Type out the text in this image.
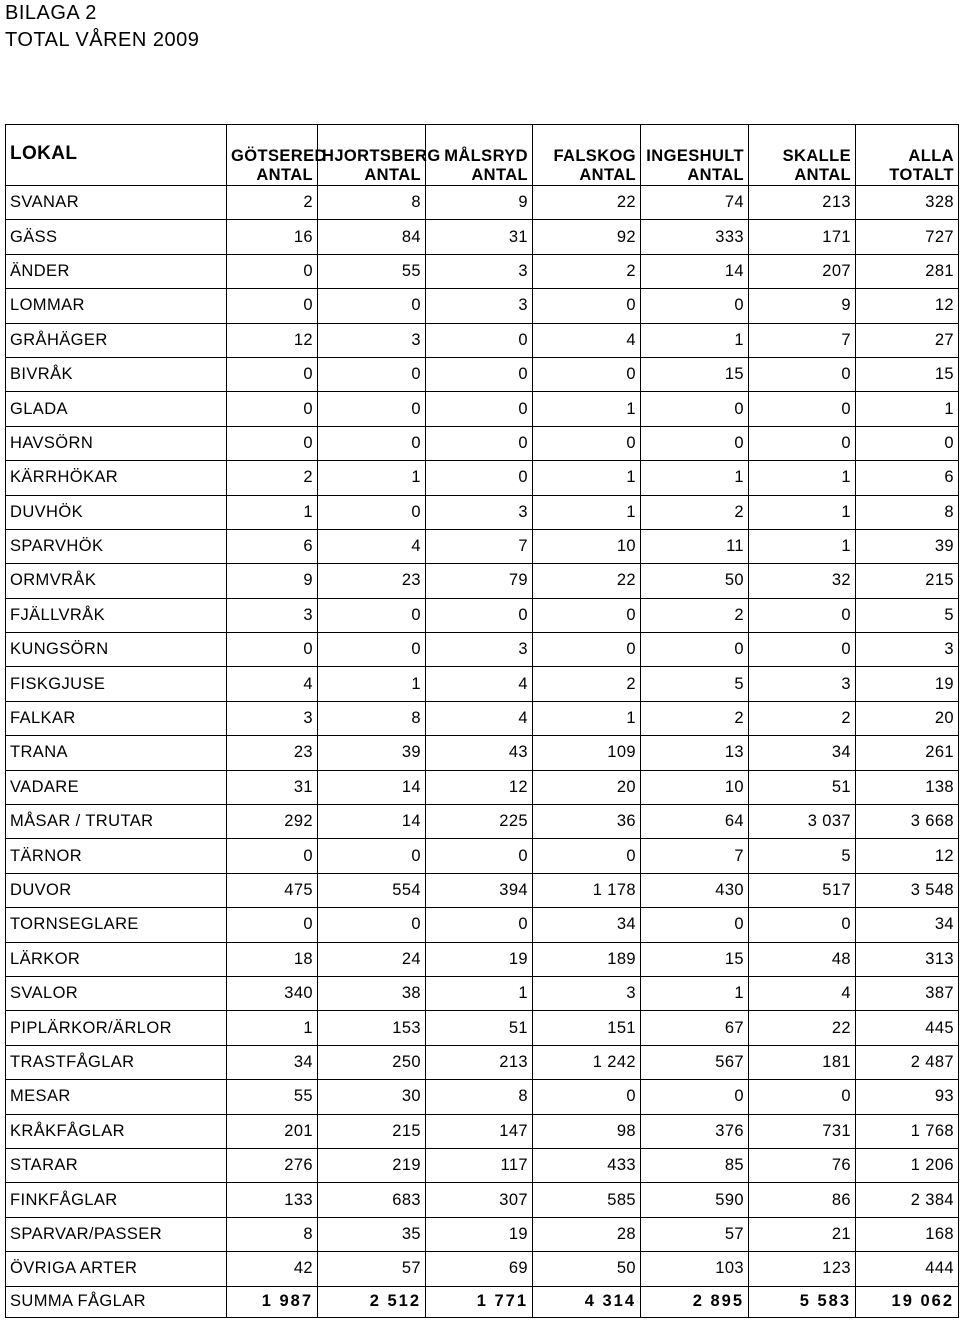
BILAGA 2
TOTAL VÅREN 2009
LOKAL	GÖTSERED	HJORTSBERG	MÅLSRYD	FALSKOG	INGESHULT	SKALLE	ALLA
	ANTAL	ANTAL	ANTAL	ANTAL	ANTAL	ANTAL	TOTALT
SVANAR	2	8	9	22	74	213	328
GÄSS	16	84	31	92	333	171	727
ÄNDER	0	55	3	2	14	207	281
LOMMAR	0	0	3	0	0	9	12
GRÅHÄGER	12	3	0	4	1	7	27
BIVRÅK	0	0	0	0	15	0	15
GLADA	0	0	0	1	0	0	1
HAVSÖRN	0	0	0	0	0	0	0
KÄRRHÖKAR	2	1	0	1	1	1	6
DUVHÖK	1	0	3	1	2	1	8
SPARVHÖK	6	4	7	10	11	1	39
ORMVRÅK	9	23	79	22	50	32	215
FJÄLLVRÅK	3	0	0	0	2	0	5
KUNGSÖRN	0	0	3	0	0	0	3
FISKGJUSE	4	1	4	2	5	3	19
FALKAR	3	8	4	1	2	2	20
TRANA	23	39	43	109	13	34	261
VADARE	31	14	12	20	10	51	138
MÅSAR / TRUTAR	292	14	225	36	64	3 037	3 668
TÄRNOR	0	0	0	0	7	5	12
DUVOR	475	554	394	1 178	430	517	3 548
TORNSEGLARE	0	0	0	34	0	0	34
LÄRKOR	18	24	19	189	15	48	313
SVALOR	340	38	1	3	1	4	387
PIPLÄRKOR/ÄRLOR	1	153	51	151	67	22	445
TRASTFÅGLAR	34	250	213	1 242	567	181	2 487
MESAR	55	30	8	0	0	0	93
KRÅKFÅGLAR	201	215	147	98	376	731	1 768
STARAR	276	219	117	433	85	76	1 206
FINKFÅGLAR	133	683	307	585	590	86	2 384
SPARVAR/PASSER	8	35	19	28	57	21	168
ÖVRIGA ARTER	42	57	69	50	103	123	444
SUMMA FÅGLAR	1 987	2 512	1 771	4 314	2 895	5 583	19 062
